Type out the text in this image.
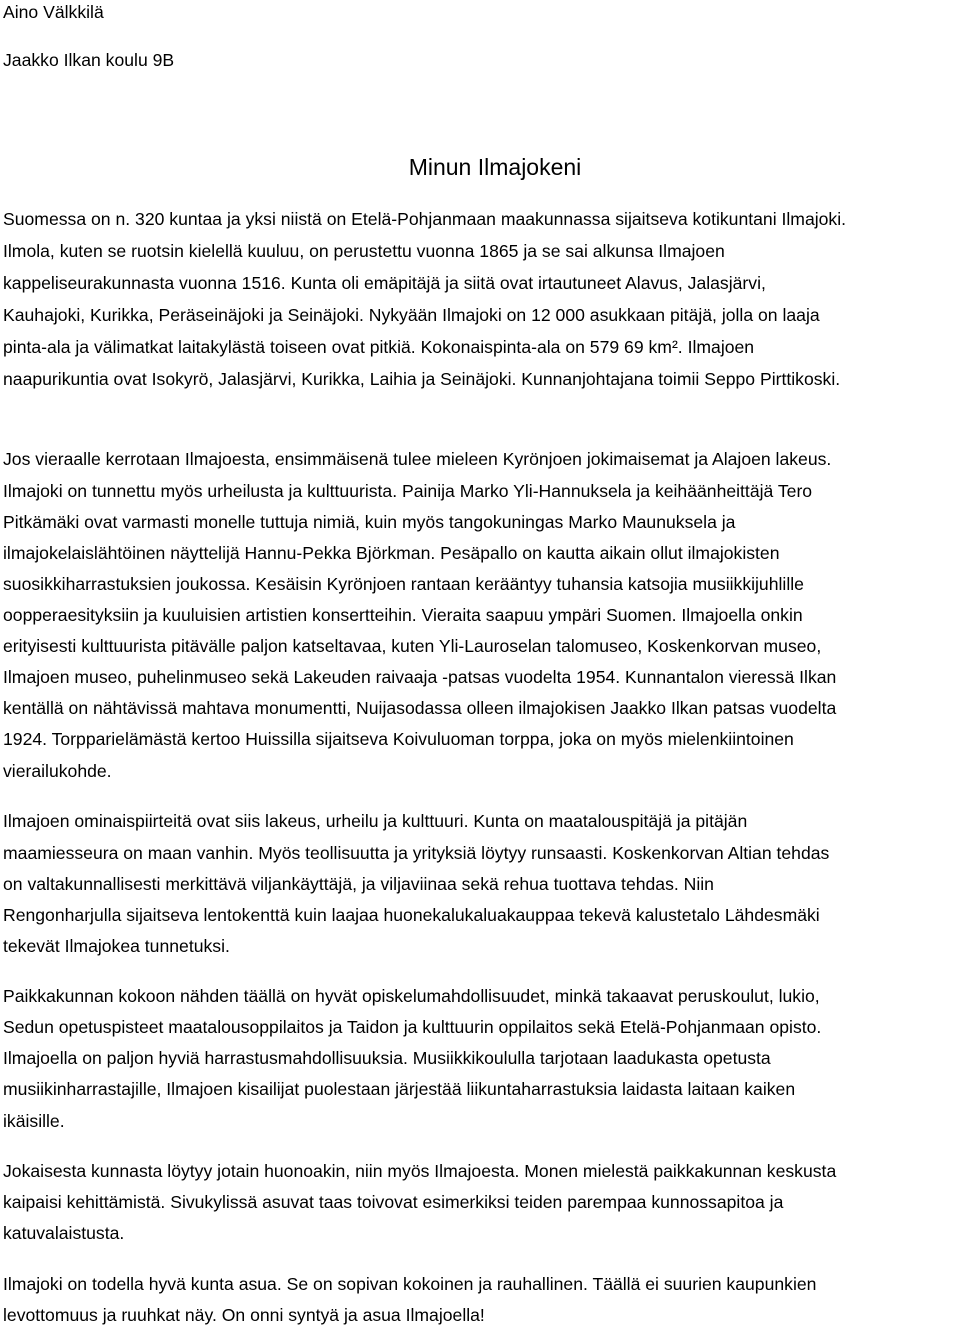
Aino Välkkilä
Jaakko Ilkan koulu 9B
Minun Ilmajokeni
Suomessa on n. 320 kuntaa ja yksi niistä on Etelä-Pohjanmaan maakunnassa sijaitseva kotikuntani Ilmajoki.
Ilmola, kuten se ruotsin kielellä kuuluu, on perustettu vuonna 1865 ja se sai alkunsa Ilmajoen
kappeliseurakunnasta vuonna 1516. Kunta oli emäpitäjä ja siitä ovat irtautuneet Alavus, Jalasjärvi,
Kauhajoki, Kurikka, Peräseinäjoki ja Seinäjoki. Nykyään Ilmajoki on 12 000 asukkaan pitäjä, jolla on laaja
pinta-ala ja välimatkat laitakylästä toiseen ovat pitkiä. Kokonaispinta-ala on 579 69 km². Ilmajoen
naapurikuntia ovat Isokyrö, Jalasjärvi, Kurikka, Laihia ja Seinäjoki. Kunnanjohtajana toimii Seppo Pirttikoski.
Jos vieraalle kerrotaan Ilmajoesta, ensimmäisenä tulee mieleen Kyrönjoen jokimaisemat ja Alajoen lakeus.
Ilmajoki on tunnettu myös urheilusta ja kulttuurista. Painija Marko Yli-Hannuksela ja keihäänheittäjä Tero
Pitkämäki ovat varmasti monelle tuttuja nimiä, kuin myös tangokuningas Marko Maunuksela ja
ilmajokelaislähtöinen näyttelijä Hannu-Pekka Björkman. Pesäpallo on kautta aikain ollut ilmajokisten
suosikkiharrastuksien joukossa. Kesäisin Kyrönjoen rantaan kerääntyy tuhansia katsojia musiikkijuhlille
oopperaesityksiin ja kuuluisien artistien konsertteihin. Vieraita saapuu ympäri Suomen. Ilmajoella onkin
erityisesti kulttuurista pitävälle paljon katseltavaa, kuten Yli-Lauroselan talomuseo, Koskenkorvan museo,
Ilmajoen museo, puhelinmuseo sekä Lakeuden raivaaja -patsas vuodelta 1954. Kunnantalon vieressä Ilkan
kentällä on nähtävissä mahtava monumentti, Nuijasodassa olleen ilmajokisen Jaakko Ilkan patsas vuodelta
1924. Torpparielämästä kertoo Huissilla sijaitseva Koivuluoman torppa, joka on myös mielenkiintoinen
vierailukohde.
Ilmajoen ominaispiirteitä ovat siis lakeus, urheilu ja kulttuuri. Kunta on maatalouspitäjä ja pitäjän
maamiesseura on maan vanhin. Myös teollisuutta ja yrityksiä löytyy runsaasti. Koskenkorvan Altian tehdas
on valtakunnallisesti merkittävä viljankäyttäjä, ja viljaviinaa sekä rehua tuottava tehdas. Niin
Rengonharjulla sijaitseva lentokenttä kuin laajaa huonekalukaluakauppaa tekevä kalustetalo Lähdesmäki
tekevät Ilmajokea tunnetuksi.
Paikkakunnan kokoon nähden täällä on hyvät opiskelumahdollisuudet, minkä takaavat peruskoulut, lukio,
Sedun opetuspisteet maatalousoppilaitos ja Taidon ja kulttuurin oppilaitos sekä Etelä-Pohjanmaan opisto.
Ilmajoella on paljon hyviä harrastusmahdollisuuksia. Musiikkikoululla tarjotaan laadukasta opetusta
musiikinharrastajille, Ilmajoen kisailijat puolestaan järjestää liikuntaharrastuksia laidasta laitaan kaiken
ikäisille.
Jokaisesta kunnasta löytyy jotain huonoakin, niin myös Ilmajoesta. Monen mielestä paikkakunnan keskusta
kaipaisi kehittämistä. Sivukylissä asuvat taas toivovat esimerkiksi teiden parempaa kunnossapitoa ja
katuvalaistusta.
Ilmajoki on todella hyvä kunta asua. Se on sopivan kokoinen ja rauhallinen. Täällä ei suurien kaupunkien
levottomuus ja ruuhkat näy. On onni syntyä ja asua Ilmajoella!
